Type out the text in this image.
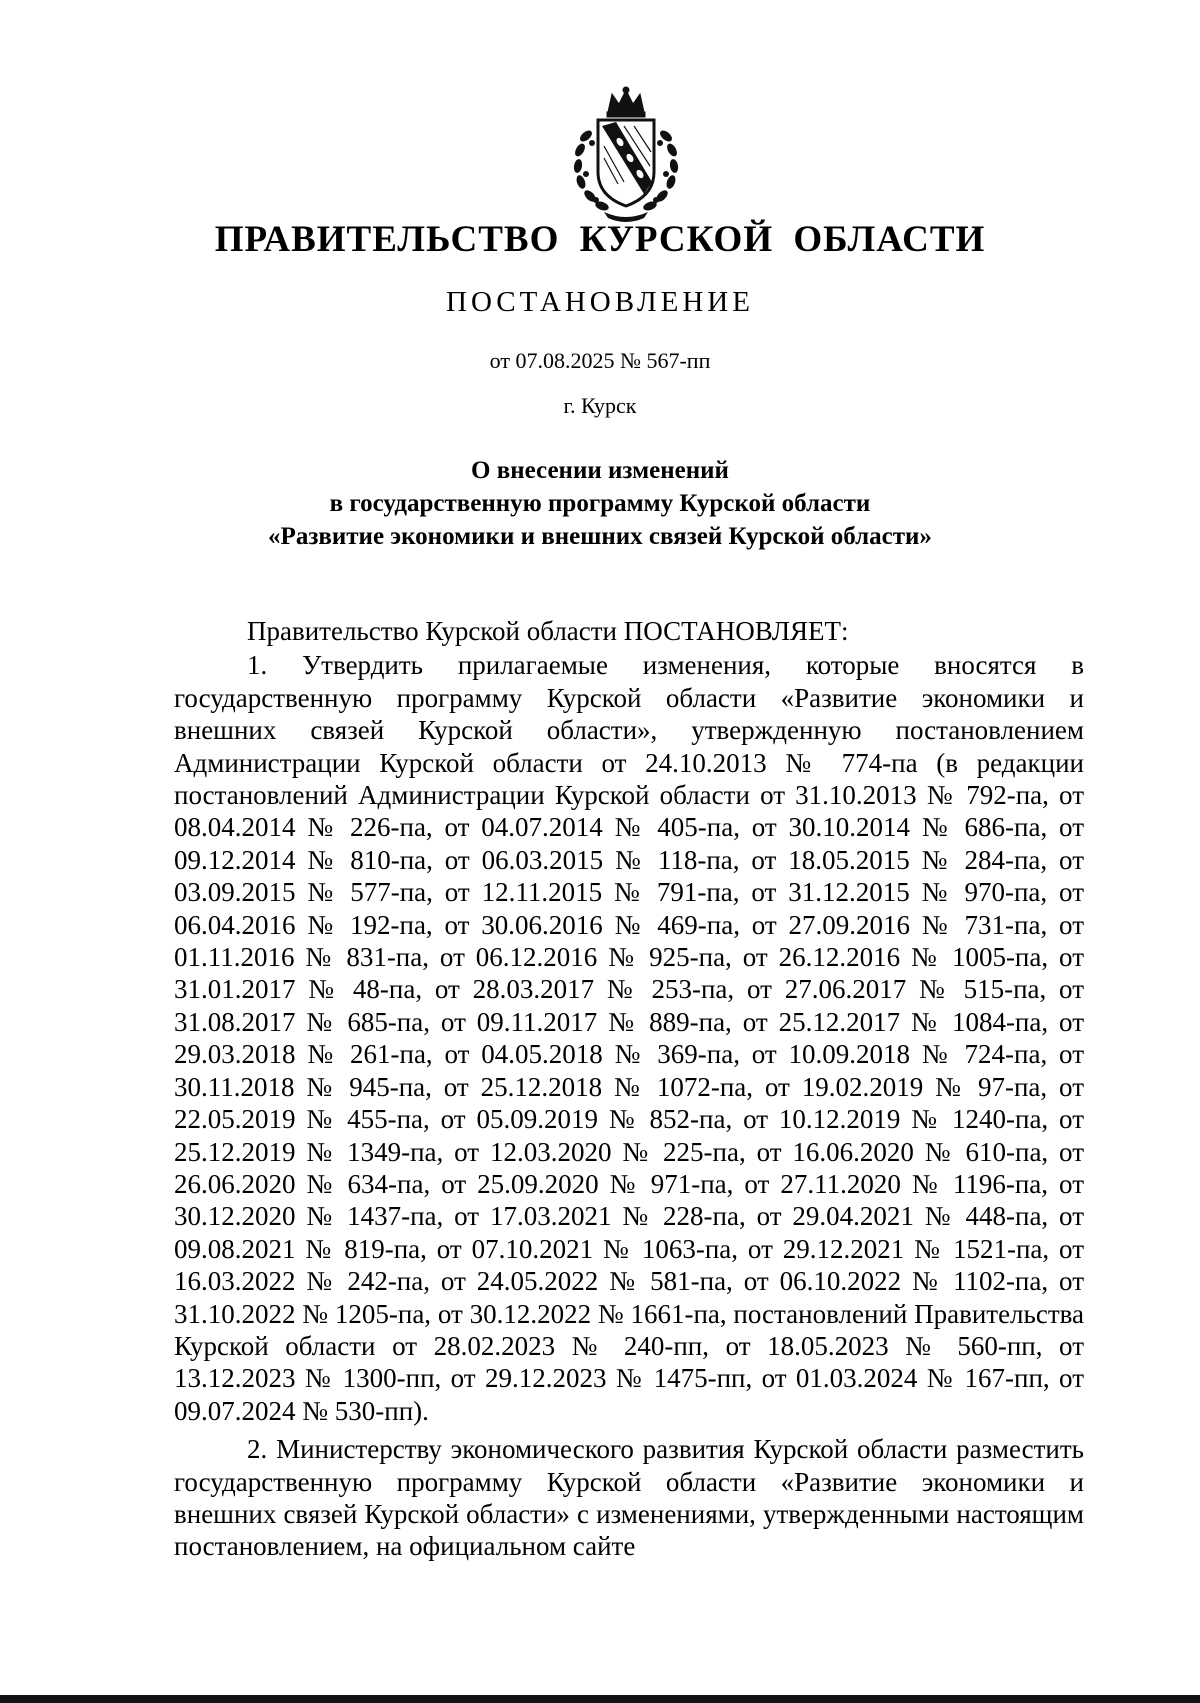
ПРАВИТЕЛЬСТВО КУРСКОЙ ОБЛАСТИ
ПОСТАНОВЛЕНИЕ
от 07.08.2025 № 567-пп
г. Курск
О внесении изменений
в государственную программу Курской области
«Развитие экономики и внешних связей Курской области»

Правительство Курской области ПОСТАНОВЛЯЕТ:

1. Утвердить прилагаемые изменения, которые вносятся в государственную программу Курской области «Развитие экономики и внешних связей Курской области», утвержденную постановлением Администрации Курской области от 24.10.2013 № 774-па (в редакции постановлений Администрации Курской области от 31.10.2013 № 792-па, от 08.04.2014 № 226-па, от 04.07.2014 № 405-па, от 30.10.2014 № 686-па, от 09.12.2014 № 810-па, от 06.03.2015 № 118-па, от 18.05.2015 № 284-па, от 03.09.2015 № 577-па, от 12.11.2015 № 791-па, от 31.12.2015 № 970-па, от 06.04.2016 № 192-па, от 30.06.2016 № 469-па, от 27.09.2016 № 731-па, от 01.11.2016 № 831-па, от 06.12.2016 № 925-па, от 26.12.2016 № 1005-па, от 31.01.2017 № 48-па, от 28.03.2017 № 253-па, от 27.06.2017 № 515-па, от 31.08.2017 № 685-па, от 09.11.2017 № 889-па, от 25.12.2017 № 1084-па, от 29.03.2018 № 261-па, от 04.05.2018 № 369-па, от 10.09.2018 № 724-па, от 30.11.2018 № 945-па, от 25.12.2018 № 1072-па, от 19.02.2019 № 97-па, от 22.05.2019 № 455-па, от 05.09.2019 № 852-па, от 10.12.2019 № 1240-па, от 25.12.2019 № 1349-па, от 12.03.2020 № 225-па, от 16.06.2020 № 610-па, от 26.06.2020 № 634-па, от 25.09.2020 № 971-па, от 27.11.2020 № 1196-па, от 30.12.2020 № 1437-па, от 17.03.2021 № 228-па, от 29.04.2021 № 448-па, от 09.08.2021 № 819-па, от 07.10.2021 № 1063-па, от 29.12.2021 № 1521-па, от 16.03.2022 № 242-па, от 24.05.2022 № 581-па, от 06.10.2022 № 1102-па, от 31.10.2022 № 1205-па, от 30.12.2022 № 1661-па, постановлений Правительства Курской области от 28.02.2023 № 240-пп, от 18.05.2023 № 560-пп, от 13.12.2023 № 1300-пп, от 29.12.2023 № 1475-пп, от 01.03.2024 № 167-пп, от 09.07.2024 № 530-пп).

2. Министерству экономического развития Курской области разместить государственную программу Курской области «Развитие экономики и внешних связей Курской области» с изменениями, утвержденными настоящим постановлением, на официальном сайте
